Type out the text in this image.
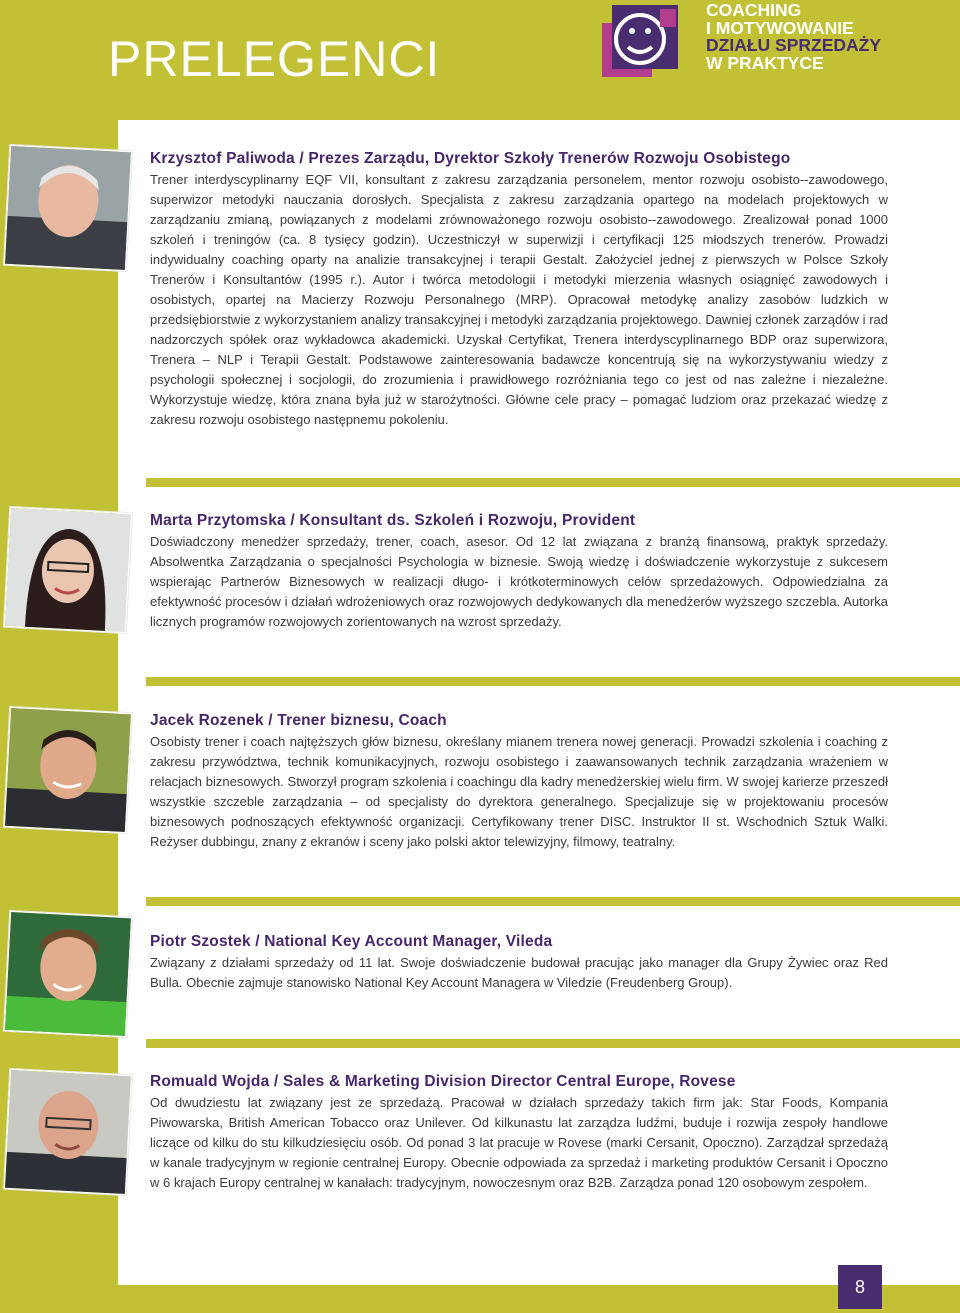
PRELEGENCI
COACHING
I MOTYWOWANIE
DZIAŁU SPRZEDAŻY
W PRAKTYCE
Krzysztof Paliwoda / Prezes Zarządu, Dyrektor Szkoły Trenerów Rozwoju Osobistego

Trener interdyscyplinarny EQF VII, konsultant z zakresu zarządzania personelem, mentor rozwoju osobisto--zawodowego, superwizor metodyki nauczania dorosłych. Specjalista z zakresu zarządzania opartego na modelach projektowych w zarządzaniu zmianą, powiązanych z modelami zrównoważonego rozwoju osobisto--zawodowego. Zrealizował ponad 1000 szkoleń i treningów (ca. 8 tysięcy godzin). Uczestniczył w superwizji i certyfikacji 125 młodszych trenerów. Prowadzi indywidualny coaching oparty na analizie transakcyjnej i terapii Gestalt. Założyciel jednej z pierwszych w Polsce Szkoły Trenerów i Konsultantów (1995 r.). Autor i twórca metodologii i metodyki mierzenia własnych osiągnięć zawodowych i osobistych, opartej na Macierzy Rozwoju Personalnego (MRP). Opracował metodykę analizy zasobów ludzkich w przedsiębiorstwie z wykorzystaniem analizy transakcyjnej i metodyki zarządzania projektowego. Dawniej członek zarządów i rad nadzorczych spółek oraz wykładowca akademicki. Uzyskał Certyfikat, Trenera interdyscyplinarnego BDP oraz superwizora, Trenera – NLP i Terapii Gestalt. Podstawowe zainteresowania badawcze koncentrują się na wykorzystywaniu wiedzy z psychologii społecznej i socjologii, do zrozumienia i prawidłowego rozróżniania tego co jest od nas zależne i niezależne. Wykorzystuje wiedzę, która znana była już w starożytności. Główne cele pracy – pomagać ludziom oraz przekazać wiedzę z zakresu rozwoju osobistego następnemu pokoleniu.

Marta Przytomska / Konsultant ds. Szkoleń i Rozwoju, Provident

Doświadczony menedżer sprzedaży, trener, coach, asesor. Od 12 lat związana z branżą finansową, praktyk sprzedaży. Absolwentka Zarządzania o specjalności Psychologia w biznesie. Swoją wiedzę i doświadczenie wykorzystuje z sukcesem wspierając Partnerów Biznesowych w realizacji długo- i krótkoterminowych celów sprzedażowych. Odpowiedzialna za efektywność procesów i działań wdrożeniowych oraz rozwojowych dedykowanych dla menedżerów wyższego szczebla. Autorka licznych programów rozwojowych zorientowanych na wzrost sprzedaży.

Jacek Rozenek / Trener biznesu, Coach

Osobisty trener i coach najtęższych głów biznesu, określany mianem trenera nowej generacji. Prowadzi szkolenia i coaching z zakresu przywództwa, technik komunikacyjnych, rozwoju osobistego i zaawansowanych technik zarządzania wrażeniem w relacjach biznesowych. Stworzył program szkolenia i coachingu dla kadry menedżerskiej wielu firm. W swojej karierze przeszedł wszystkie szczeble zarządzania – od specjalisty do dyrektora generalnego. Specjalizuje się w projektowaniu procesów biznesowych podnoszących efektywność organizacji. Certyfikowany trener DISC. Instruktor II st. Wschodnich Sztuk Walki. Reżyser dubbingu, znany z ekranów i sceny jako polski aktor telewizyjny, filmowy, teatralny.

Piotr Szostek / National Key Account Manager, Vileda

Związany z działami sprzedaży od 11 lat. Swoje doświadczenie budował pracując jako manager dla Grupy Żywiec oraz Red Bulla. Obecnie zajmuje stanowisko National Key Account Managera w Viledzie (Freudenberg Group).

Romuald Wojda / Sales & Marketing Division Director Central Europe, Rovese

Od dwudziestu lat związany jest ze sprzedażą. Pracował w działach sprzedaży takich firm jak: Star Foods, Kompania Piwowarska, British American Tobacco oraz Unilever. Od kilkunastu lat zarządza ludźmi, buduje i rozwija zespoły handlowe liczące od kilku do stu kilkudziesięciu osób. Od ponad 3 lat pracuje w Rovese (marki Cersanit, Opoczno). Zarządzał sprzedażą w kanale tradycyjnym w regionie centralnej Europy. Obecnie odpowiada za sprzedaż i marketing produktów Cersanit i Opoczno w 6 krajach Europy centralnej w kanałach: tradycyjnym, nowoczesnym oraz B2B. Zarządza ponad 120 osobowym zespołem.

8
